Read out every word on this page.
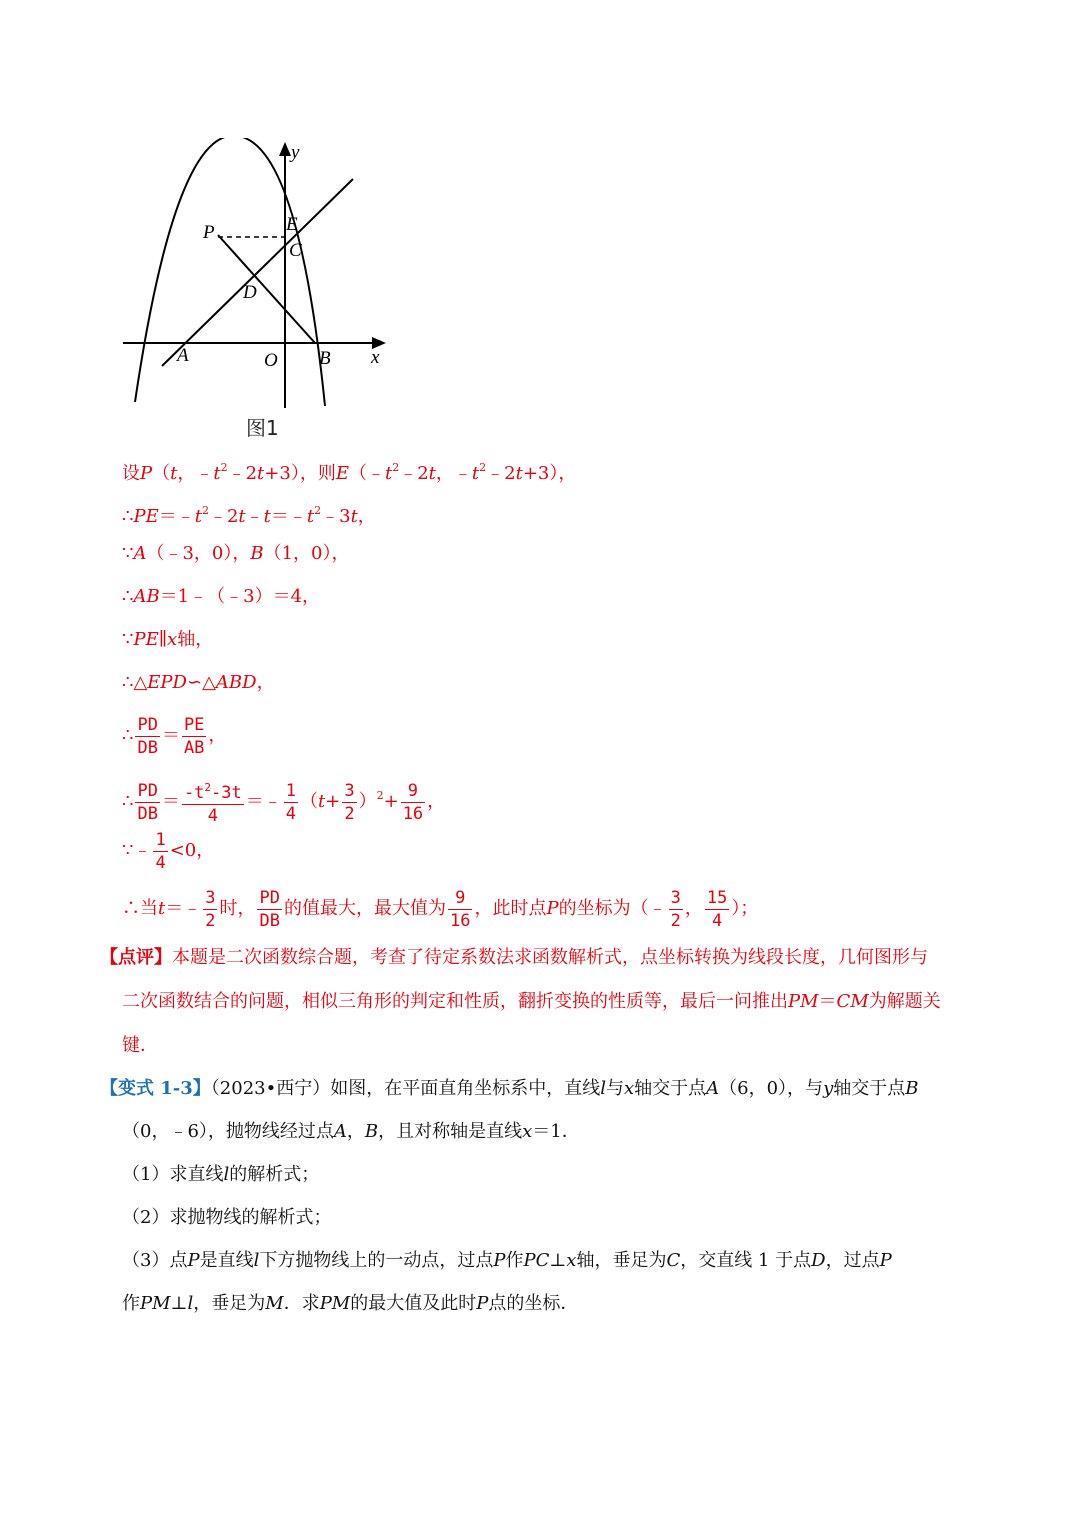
y
x
P	E
C
D
A	O B
图1
设P（t，$﹣t^2﹣2t+3$），则$E(﹣t^2﹣2t$，$﹣t^2﹣2t+3$），
$\therefore PE=﹣t^2﹣2t﹣t=﹣t^2﹣3t$，
∵A（﹣3，0），B（1，0），
∴AB＝1﹣（﹣3）＝4，
∵PE∥x轴，
∴△EPD∽△ABD，
∴ $\frac{PD}{DB} = \frac{PE}{AB}$ ，
∴ $\frac{PD}{DB} = \frac{-t^2-3t}{4}$ ＝﹣ $\frac{1}{4} (t+ \frac{3}{2} )^2+ \frac{9}{16}$ ，
∵﹣ $\frac{1}{4} <0$，
∴当t＝﹣ $\frac{3}{2}$ 时， $\frac{PD}{DB}$ 的值最大，最大值为 $\frac{9}{16}$ ，此时点P的坐标为（﹣ $\frac{3}{2}$ ， $\frac{15}{4}$ ）；
【点评】本题是二次函数综合题，考查了待定系数法求函数解析式，点坐标转换为线段长度，几何图形与
二次函数结合的问题，相似三角形的判定和性质，翻折变换的性质等，最后一问推出PM＝CM为解题关
键．
【变式 1-3】（2023•西宁）如图，在平面直角坐标系中，直线l与x轴交于点A（6，0），与y轴交于点B
（0，﹣6），抛物线经过点A，B，且对称轴是直线x＝1．
（1）求直线l的解析式；
（2）求抛物线的解析式；
（3）点P是直线l下方抛物线上的一动点，过点P作PC⊥x轴，垂足为C，交直线 1 于点D，过点P
作PM⊥l，垂足为M．求PM的最大值及此时P点的坐标．
